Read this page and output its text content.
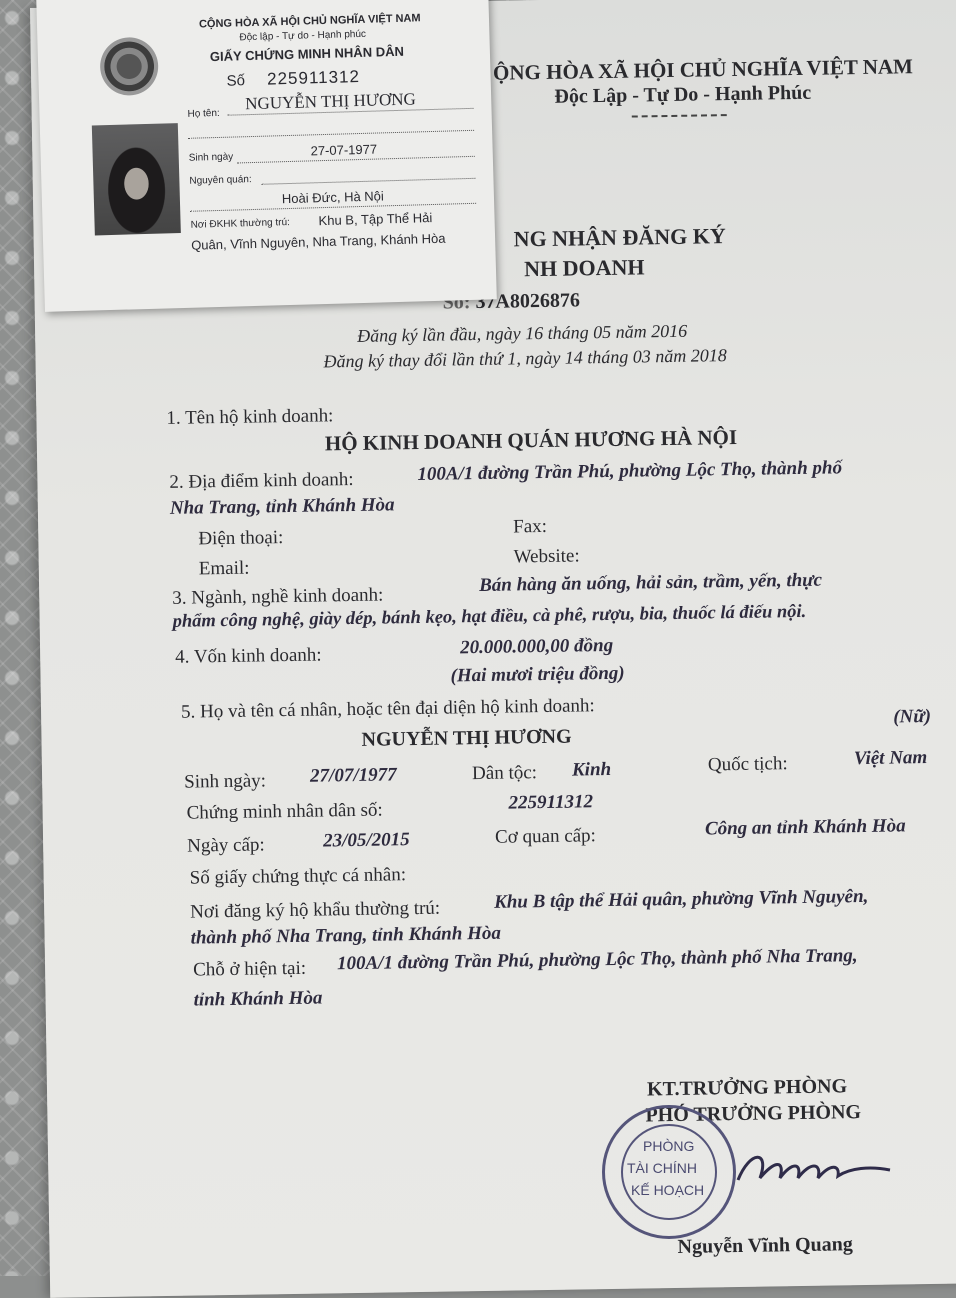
ỘNG HÒA XÃ HỘI CHỦ NGHĨA VIỆT NAM
Độc Lập - Tự Do - Hạnh Phúc
NG NHẬN ĐĂNG KÝ
NH DOANH
Số: 37A8026876
Đăng ký lần đầu, ngày 16 tháng 05 năm 2016
Đăng ký thay đổi lần thứ 1, ngày 14 tháng 03 năm 2018
1. Tên hộ kinh doanh:
HỘ KINH DOANH QUÁN HƯƠNG HÀ NỘI
2. Địa điểm kinh doanh:	100A/1 đường Trần Phú, phường Lộc Thọ, thành phố
Nha Trang, tỉnh Khánh Hòa
Điện thoại:
Fax:
Email:
Website:
3. Ngành, nghề kinh doanh:
Bán hàng ăn uống, hải sản, trầm, yến, thực
phẩm công nghệ, giày dép, bánh kẹo, hạt điều, cà phê, rượu, bia, thuốc lá điếu nội.
4. Vốn kinh doanh:	20.000.000,00 đồng
(Hai mươi triệu đồng)
5. Họ và tên cá nhân, hoặc tên đại diện hộ kinh doanh:
NGUYỄN THỊ HƯƠNG
(Nữ)
Sinh ngày: 27/07/1977	Dân tộc: Kinh	Quốc tịch:	Việt Nam
Chứng minh nhân dân số:	225911312
Ngày cấp:	23/05/2015	Cơ quan cấp:	Công an tỉnh Khánh Hòa
Số giấy chứng thực cá nhân:
Nơi đăng ký hộ khẩu thường trú:	Khu B tập thể Hải quân, phường Vĩnh Nguyên,
thành phố Nha Trang, tỉnh Khánh Hòa
Chỗ ở hiện tại: 100A/1 đường Trần Phú, phường Lộc Thọ, thành phố Nha Trang,
tỉnh Khánh Hòa
KT.TRƯỞNG PHÒNG
PHÓ TRƯỞNG PHÒNG
Nguyễn Vĩnh Quang
PHÒNG
TÀI CHÍNH
KẾ HOẠCH
CỘNG HÒA XÃ HỘI CHỦ NGHĨA VIỆT NAM
Độc lập - Tự do - Hạnh phúc
GIẤY CHỨNG MINH NHÂN DÂN
Số 225911312
Họ tên:
NGUYỄN THỊ HƯƠNG
Sinh ngày	27-07-1977
Nguyên quán:
Hoài Đức, Hà Nội
Nơi ĐKHK thường trú: Khu B, Tập Thể Hải
Quân, Vĩnh Nguyên, Nha Trang, Khánh Hòa
